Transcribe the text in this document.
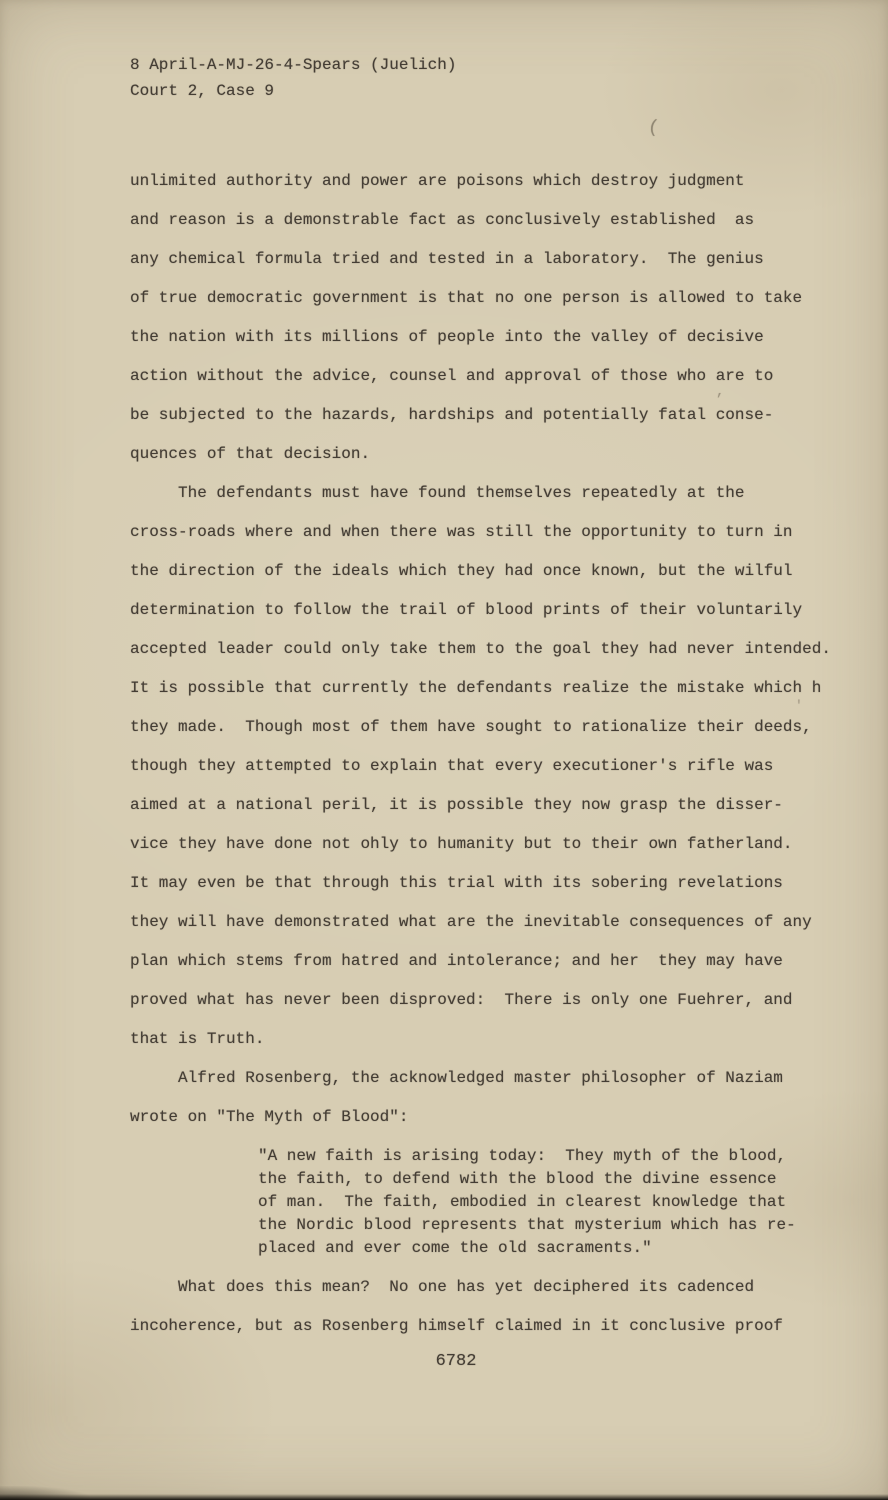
8 April-A-MJ-26-4-Spears (Juelich)
Court 2, Case 9
unlimited authority and power are poisons which destroy judgment
and reason is a demonstrable fact as conclusively established  as
any chemical formula tried and tested in a laboratory.  The genius
of true democratic government is that no one person is allowed to take
the nation with its millions of people into the valley of decisive
action without the advice, counsel and approval of those who are to
be subjected to the hazards, hardships and potentially fatal conse-
quences of that decision.
The defendants must have found themselves repeatedly at the
cross-roads where and when there was still the opportunity to turn in
the direction of the ideals which they had once known, but the wilful
determination to follow the trail of blood prints of their voluntarily
accepted leader could only take them to the goal they had never intended.
It is possible that currently the defendants realize the mistake which h
they made.  Though most of them have sought to rationalize their deeds,
though they attempted to explain that every executioner's rifle was
aimed at a national peril, it is possible they now grasp the disser-
vice they have done not ohly to humanity but to their own fatherland.
It may even be that through this trial with its sobering revelations
they will have demonstrated what are the inevitable consequences of any
plan which stems from hatred and intolerance; and her  they may have
proved what has never been disproved:  There is only one Fuehrer, and
that is Truth.
Alfred Rosenberg, the acknowledged master philosopher of Naziam
wrote on "The Myth of Blood":
"A new faith is arising today:  They myth of the blood,
the faith, to defend with the blood the divine essence
of man.  The faith, embodied in clearest knowledge that
the Nordic blood represents that mysterium which has re-
placed and ever come the old sacraments."
What does this mean?  No one has yet deciphered its cadenced
incoherence, but as Rosenberg himself claimed in it conclusive proof
6782
(
,
'
